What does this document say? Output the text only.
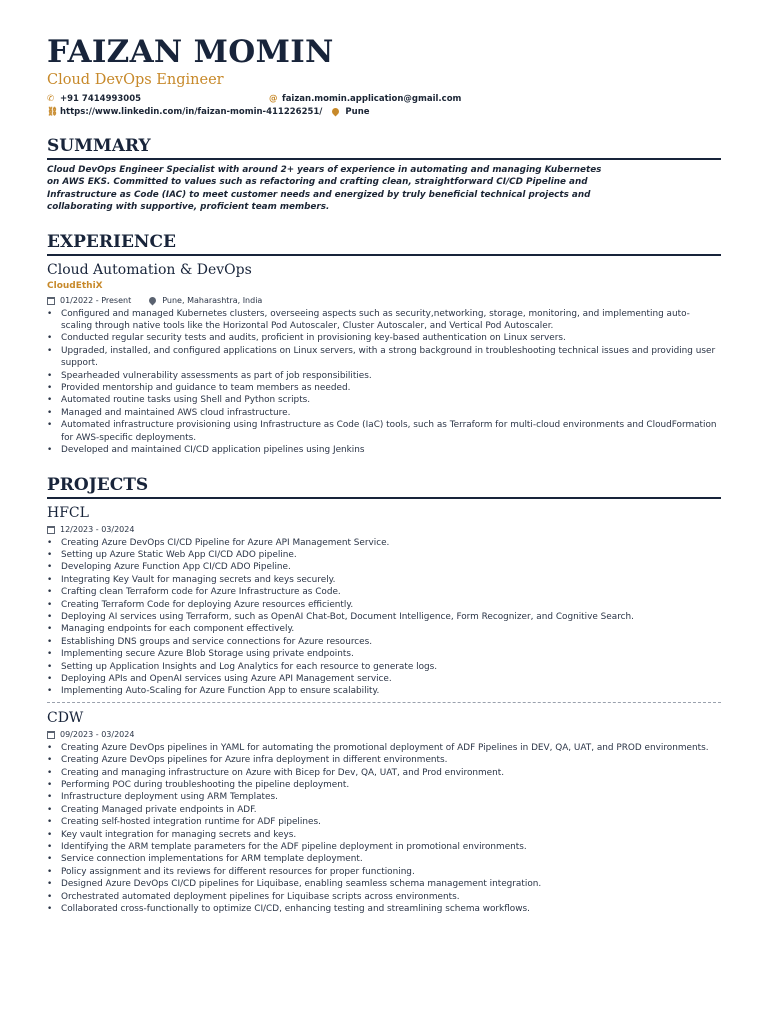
FAIZAN MOMIN
Cloud DevOps Engineer
✆ +91 7414993005	@ faizan.momin.application@gmail.com
⛓ https://www.linkedin.com/in/faizan-momin-411226251/	Pune
SUMMARY
Cloud DevOps Engineer Specialist with around 2+ years of experience in automating and managing Kubernetes on AWS EKS. Committed to values such as refactoring and crafting clean, straightforward CI/CD Pipeline and Infrastructure as Code (IAC) to meet customer needs and energized by truly beneficial technical projects and collaborating with supportive, proficient team members.
EXPERIENCE
Cloud Automation & DevOps
CloudEthiX
01/2022 - Present	Pune, Maharashtra, India
• Configured and managed Kubernetes clusters, overseeing aspects such as security,networking, storage, monitoring, and implementing auto-scaling through native tools like the Horizontal Pod Autoscaler, Cluster Autoscaler, and Vertical Pod Autoscaler.
• Conducted regular security tests and audits, proficient in provisioning key-based authentication on Linux servers.
• Upgraded, installed, and configured applications on Linux servers, with a strong background in troubleshooting technical issues and providing user support.
• Spearheaded vulnerability assessments as part of job responsibilities.
• Provided mentorship and guidance to team members as needed.
• Automated routine tasks using Shell and Python scripts.
• Managed and maintained AWS cloud infrastructure.
• Automated infrastructure provisioning using Infrastructure as Code (IaC) tools, such as Terraform for multi-cloud environments and CloudFormation for AWS-specific deployments.
• Developed and maintained CI/CD application pipelines using Jenkins
PROJECTS
HFCL
12/2023 - 03/2024
• Creating Azure DevOps CI/CD Pipeline for Azure API Management Service.
• Setting up Azure Static Web App CI/CD ADO pipeline.
• Developing Azure Function App CI/CD ADO Pipeline.
• Integrating Key Vault for managing secrets and keys securely.
• Crafting clean Terraform code for Azure Infrastructure as Code.
• Creating Terraform Code for deploying Azure resources efficiently.
• Deploying AI services using Terraform, such as OpenAI Chat-Bot, Document Intelligence, Form Recognizer, and Cognitive Search.
• Managing endpoints for each component effectively.
• Establishing DNS groups and service connections for Azure resources.
• Implementing secure Azure Blob Storage using private endpoints.
• Setting up Application Insights and Log Analytics for each resource to generate logs.
• Deploying APIs and OpenAI services using Azure API Management service.
• Implementing Auto-Scaling for Azure Function App to ensure scalability.
CDW
09/2023 - 03/2024
• Creating Azure DevOps pipelines in YAML for automating the promotional deployment of ADF Pipelines in DEV, QA, UAT, and PROD environments.
• Creating Azure DevOps pipelines for Azure infra deployment in different environments.
• Creating and managing infrastructure on Azure with Bicep for Dev, QA, UAT, and Prod environment.
• Performing POC during troubleshooting the pipeline deployment.
• Infrastructure deployment using ARM Templates.
• Creating Managed private endpoints in ADF.
• Creating self-hosted integration runtime for ADF pipelines.
• Key vault integration for managing secrets and keys.
• Identifying the ARM template parameters for the ADF pipeline deployment in promotional environments.
• Service connection implementations for ARM template deployment.
• Policy assignment and its reviews for different resources for proper functioning.
• Designed Azure DevOps CI/CD pipelines for Liquibase, enabling seamless schema management integration.
• Orchestrated automated deployment pipelines for Liquibase scripts across environments.
• Collaborated cross-functionally to optimize CI/CD, enhancing testing and streamlining schema workflows.
